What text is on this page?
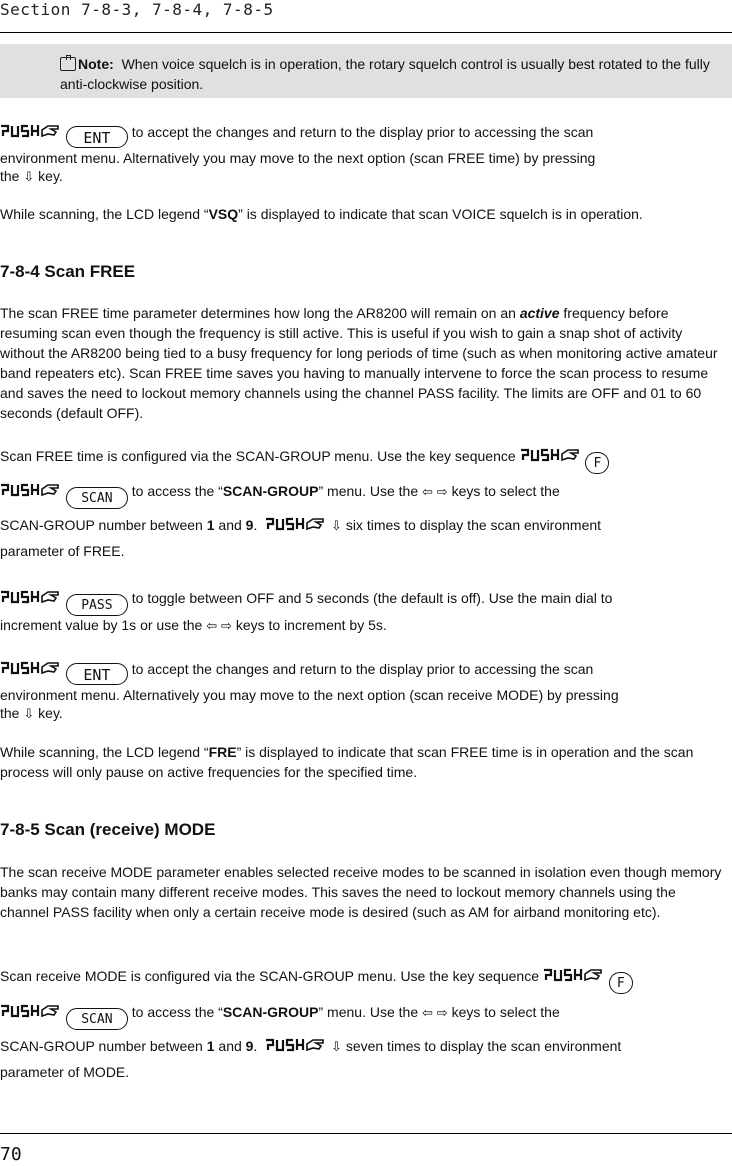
Section 7-8-3, 7-8-4, 7-8-5
Note: When voice squelch is in operation, the rotary squelch control is usually best rotated to the fully anti-clockwise position.
ENT to accept the changes and return to the display prior to accessing the scan
environment menu. Alternatively you may move to the next option (scan FREE time) by pressing
the ⇩ key.
While scanning, the LCD legend “VSQ” is displayed to indicate that scan VOICE squelch is in operation.
7-8-4 Scan FREE
The scan FREE time parameter determines how long the AR8200 will remain on an active frequency before resuming scan even though the frequency is still active. This is useful if you wish to gain a snap shot of activity without the AR8200 being tied to a busy frequency for long periods of time (such as when monitoring active amateur band repeaters etc). Scan FREE time saves you having to manually intervene to force the scan process to resume and saves the need to lockout memory channels using the channel PASS facility. The limits are OFF and 01 to 60 seconds (default OFF).
Scan FREE time is configured via the SCAN-GROUP menu. Use the key sequence	F
SCAN to access the “SCAN-GROUP” menu. Use the ⇦ ⇨ keys to select the
SCAN-GROUP number between 1 and 9.	⇩ six times to display the scan environment
parameter of FREE.
PASS to toggle between OFF and 5 seconds (the default is off). Use the main dial to
increment value by 1s or use the ⇦ ⇨ keys to increment by 5s.
ENT to accept the changes and return to the display prior to accessing the scan
environment menu. Alternatively you may move to the next option (scan receive MODE) by pressing
the ⇩ key.
While scanning, the LCD legend “FRE” is displayed to indicate that scan FREE time is in operation and the scan process will only pause on active frequencies for the specified time.
7-8-5 Scan (receive) MODE
The scan receive MODE parameter enables selected receive modes to be scanned in isolation even though memory banks may contain many different receive modes. This saves the need to lockout memory channels using the channel PASS facility when only a certain receive mode is desired (such as AM for airband monitoring etc).
Scan receive MODE is configured via the SCAN-GROUP menu. Use the key sequence	F
SCAN to access the “SCAN-GROUP” menu. Use the ⇦ ⇨ keys to select the
SCAN-GROUP number between 1 and 9.	⇩ seven times to display the scan environment
parameter of MODE.
70
